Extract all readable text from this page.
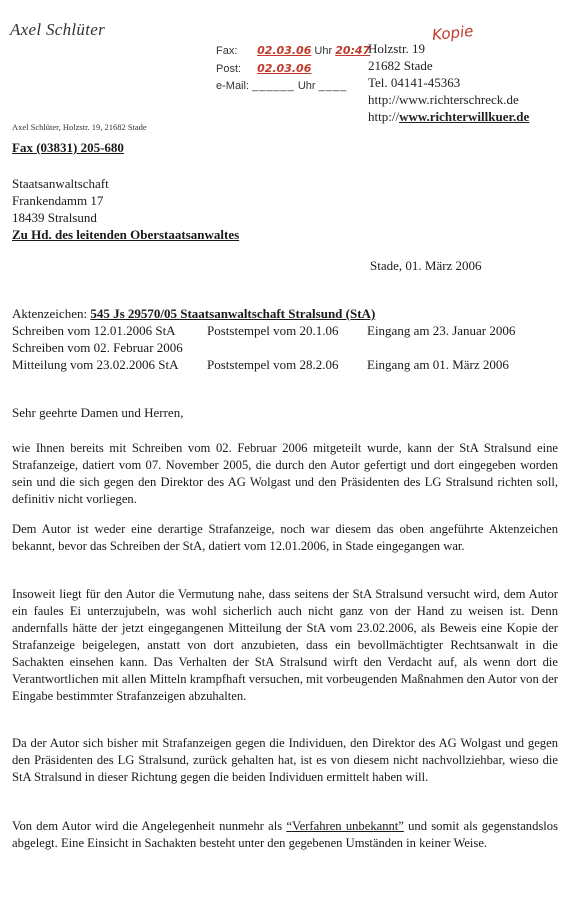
Axel Schlüter	Kopie
Fax: 02.03.06 Uhr 20:47
Post: 02.03.06
e-Mail: ______ Uhr ____
Holzstr. 19
21682 Stade
Tel. 04141-45363
http://www.richterschreck.de
http://www.richterwillkuer.de
Axel Schlüter, Holzstr. 19, 21682 Stade
Fax (03831) 205-680
Staatsanwaltschaft
Frankendamm 17
18439 Stralsund
Zu Hd. des leitenden Oberstaatsanwaltes
Stade, 01. März 2006
Aktenzeichen: 545 Js 29570/05 Staatsanwaltschaft Stralsund (StA)
Schreiben vom 12.01.2006 StA Poststempel vom 20.1.06 Eingang am 23. Januar 2006
Schreiben vom 02. Februar 2006
Mitteilung vom 23.02.2006 StA Poststempel vom 28.2.06 Eingang am 01. März 2006
Sehr geehrte Damen und Herren,
wie Ihnen bereits mit Schreiben vom 02. Februar 2006 mitgeteilt wurde, kann der StA Stralsund eine Strafanzeige, datiert vom 07. November 2005, die durch den Autor gefertigt und dort eingegeben worden sein und die sich gegen den Direktor des AG Wolgast und den Präsidenten des LG Stralsund richten soll, definitiv nicht vorliegen.
Dem Autor ist weder eine derartige Strafanzeige, noch war diesem das oben angeführte Aktenzeichen bekannt, bevor das Schreiben der StA, datiert vom 12.01.2006, in Stade eingegangen war.
Insoweit liegt für den Autor die Vermutung nahe, dass seitens der StA Stralsund versucht wird, dem Autor ein faules Ei unterzujubeln, was wohl sicherlich auch nicht ganz von der Hand zu weisen ist. Denn andernfalls hätte der jetzt eingegangenen Mitteilung der StA vom 23.02.2006, als Beweis eine Kopie der Strafanzeige beigelegen, anstatt von dort anzubieten, dass ein bevollmächtigter Rechtsanwalt in die Sachakten einsehen kann. Das Verhalten der StA Stralsund wirft den Verdacht auf, als wenn dort die Verantwortlichen mit allen Mitteln krampfhaft versuchen, mit vorbeugenden Maßnahmen den Autor von der Eingabe bestimmter Strafanzeigen abzuhalten.
Da der Autor sich bisher mit Strafanzeigen gegen die Individuen, den Direktor des AG Wolgast und gegen den Präsidenten des LG Stralsund, zurück gehalten hat, ist es von diesem nicht nachvollziehbar, wieso die StA Stralsund in dieser Richtung gegen die beiden Individuen ermittelt haben will.
Von dem Autor wird die Angelegenheit nunmehr als “Verfahren unbekannt” und somit als gegenstandslos abgelegt. Eine Einsicht in Sachakten besteht unter den gegebenen Umständen in keiner Weise.
